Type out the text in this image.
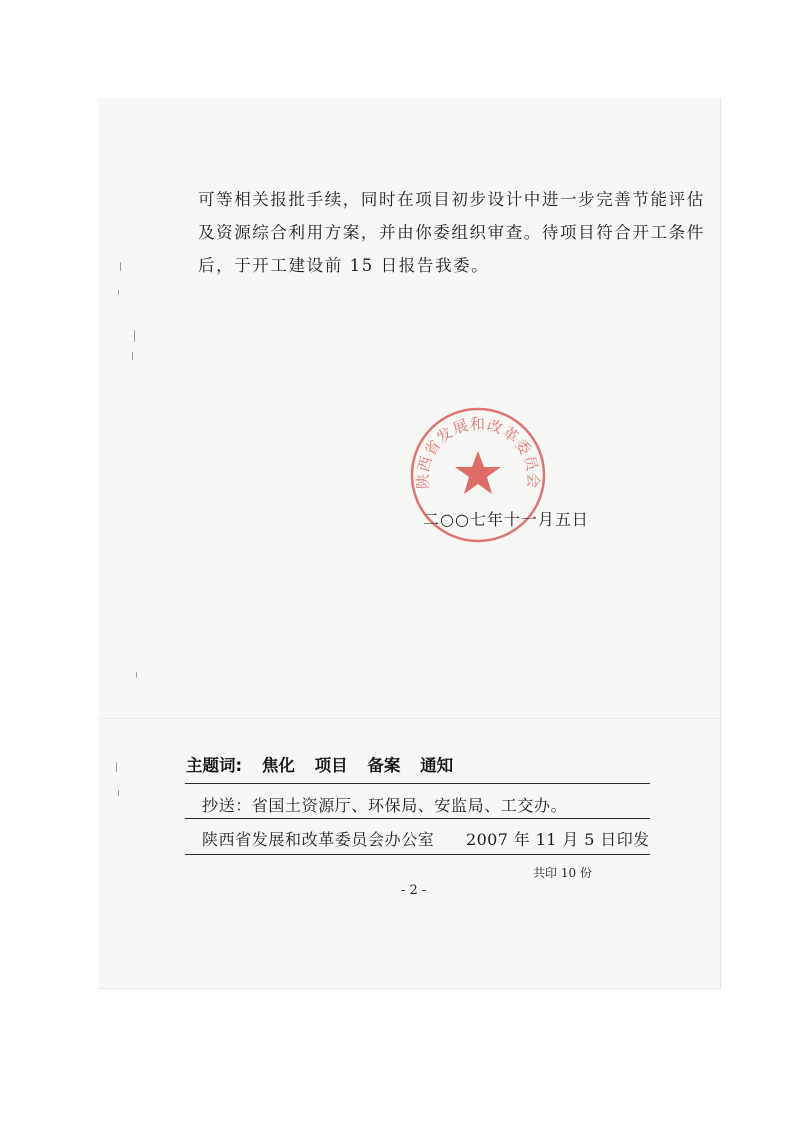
可等相关报批手续，同时在项目初步设计中进一步完善节能评估

及资源综合利用方案，并由你委组织审查。待项目符合开工条件

后，于开工建设前 15 日报告我委。

陕西省发展和改革委员会
二○○七年十一月五日
主题词: 焦化 项目 备案 通知
抄送：省国土资源厅、环保局、安监局、工交办。
陕西省发展和改革委员会办公室 2007 年 11 月 5 日印发
共印 10 份
- 2 -
